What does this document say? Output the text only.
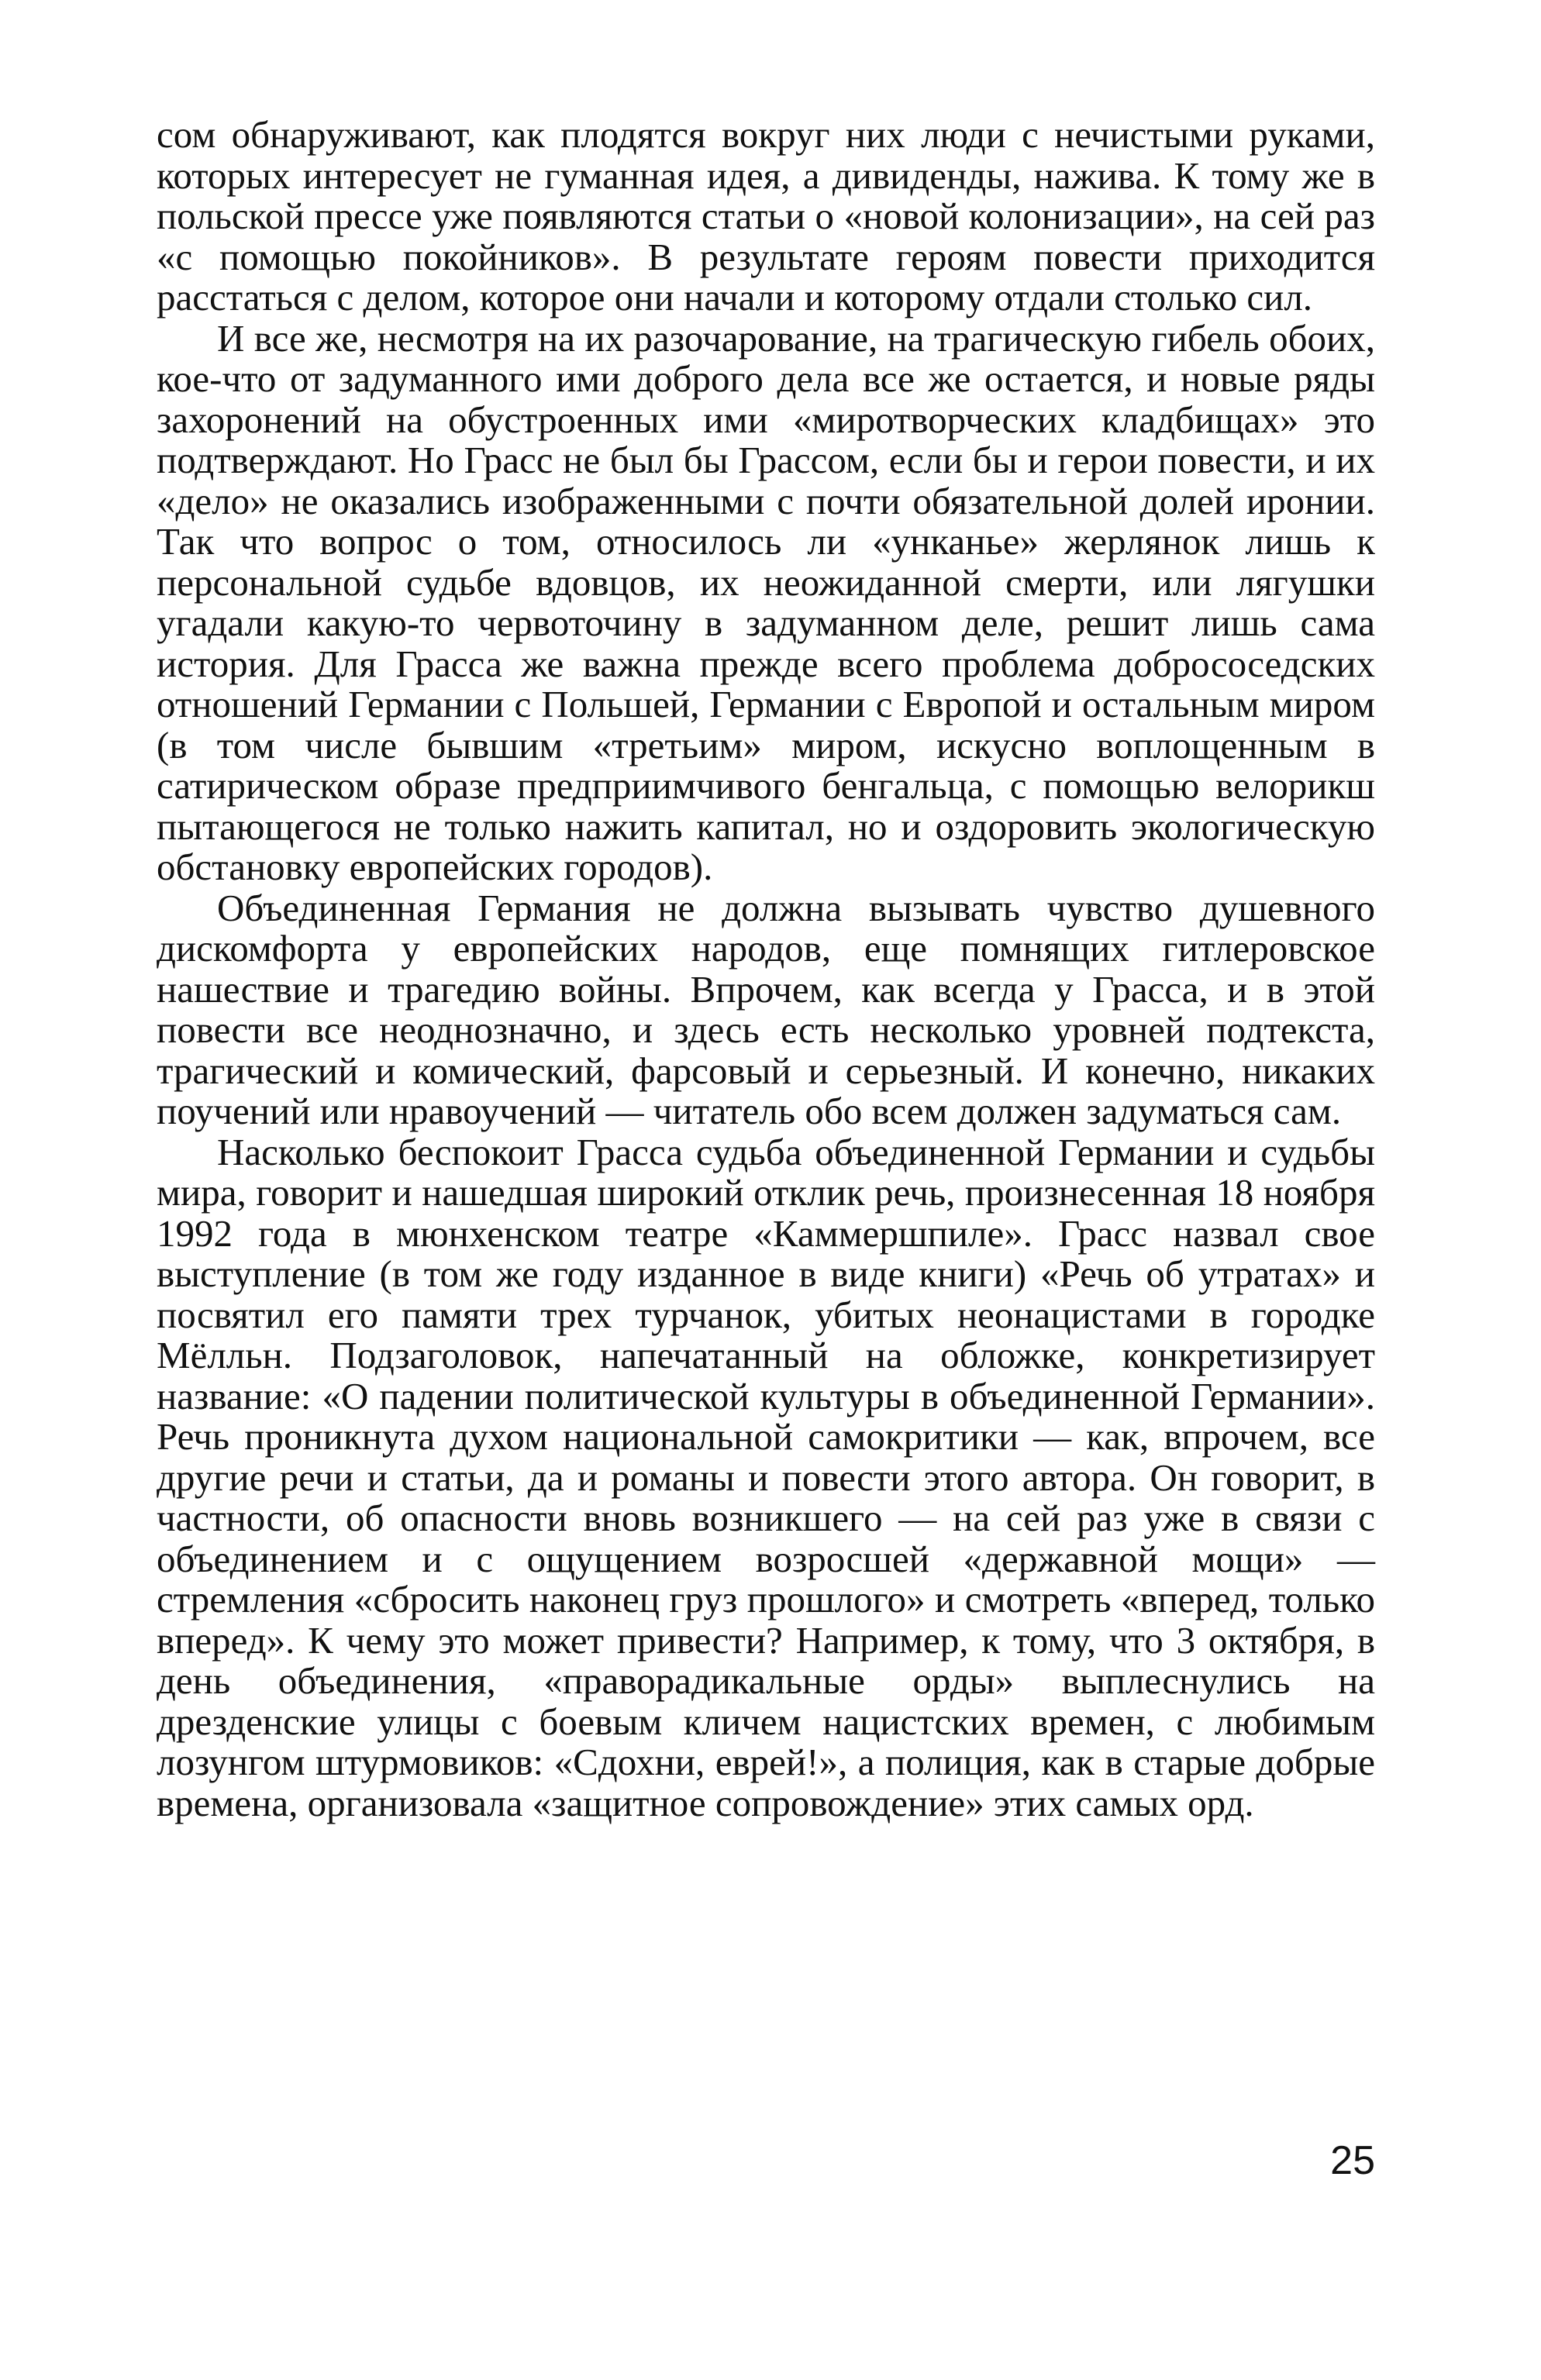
сом обнаруживают, как плодятся вокруг них люди с нечистыми руками, которых интересует не гуманная идея, а дивиденды, нажива. К тому же в польской прессе уже появляются статьи о «новой колонизации», на сей раз «с помощью покойников». В результате героям повести приходится расстаться с делом, которое они начали и которому отдали столько сил.

И все же, несмотря на их разочарование, на трагическую гибель обоих, кое-что от задуманного ими доброго дела все же остается, и новые ряды захоронений на обустроенных ими «миротворческих кладбищах» это подтверждают. Но Грасс не был бы Грассом, если бы и герои повести, и их «дело» не оказались изображенными с почти обязательной долей иронии. Так что вопрос о том, относилось ли «унканье» жерлянок лишь к персональной судьбе вдовцов, их неожиданной смерти, или лягушки угадали какую-то червоточину в задуманном деле, решит лишь сама история. Для Грасса же важна прежде всего проблема добрососедских отношений Германии с Польшей, Германии с Европой и остальным миром (в том числе бывшим «третьим» миром, искусно воплощенным в сатирическом образе предприимчивого бенгальца, с помощью велорикш пытающегося не только нажить капитал, но и оздоровить экологическую обстановку европейских городов).

Объединенная Германия не должна вызывать чувство душевного дискомфорта у европейских народов, еще помнящих гитлеровское нашествие и трагедию войны. Впрочем, как всегда у Грасса, и в этой повести все неоднозначно, и здесь есть несколько уровней подтекста, трагический и комический, фарсовый и серьезный. И конечно, никаких поучений или нравоучений — читатель обо всем должен задуматься сам.

Насколько беспокоит Грасса судьба объединенной Германии и судьбы мира, говорит и нашедшая широкий отклик речь, произнесенная 18 ноября 1992 года в мюнхенском театре «Каммершпиле». Грасс назвал свое выступление (в том же году изданное в виде книги) «Речь об утратах» и посвятил его памяти трех турчанок, убитых неонацистами в городке Мёлльн. Подзаголовок, напечатанный на обложке, конкретизирует название: «О падении политической культуры в объединенной Германии». Речь проникнута духом национальной самокритики — как, впрочем, все другие речи и статьи, да и романы и повести этого автора. Он говорит, в частности, об опасности вновь возникшего — на сей раз уже в связи с объединением и с ощущением возросшей «державной мощи» — стремления «сбросить наконец груз прошлого» и смотреть «вперед, только вперед». К чему это может привести? Например, к тому, что 3 октября, в день объединения, «праворадикальные орды» выплеснулись на дрезденские улицы с боевым кличем нацистских времен, с любимым лозунгом штурмовиков: «Сдохни, еврей!», а полиция, как в старые добрые времена, организовала «защитное сопровождение» этих самых орд.

25
